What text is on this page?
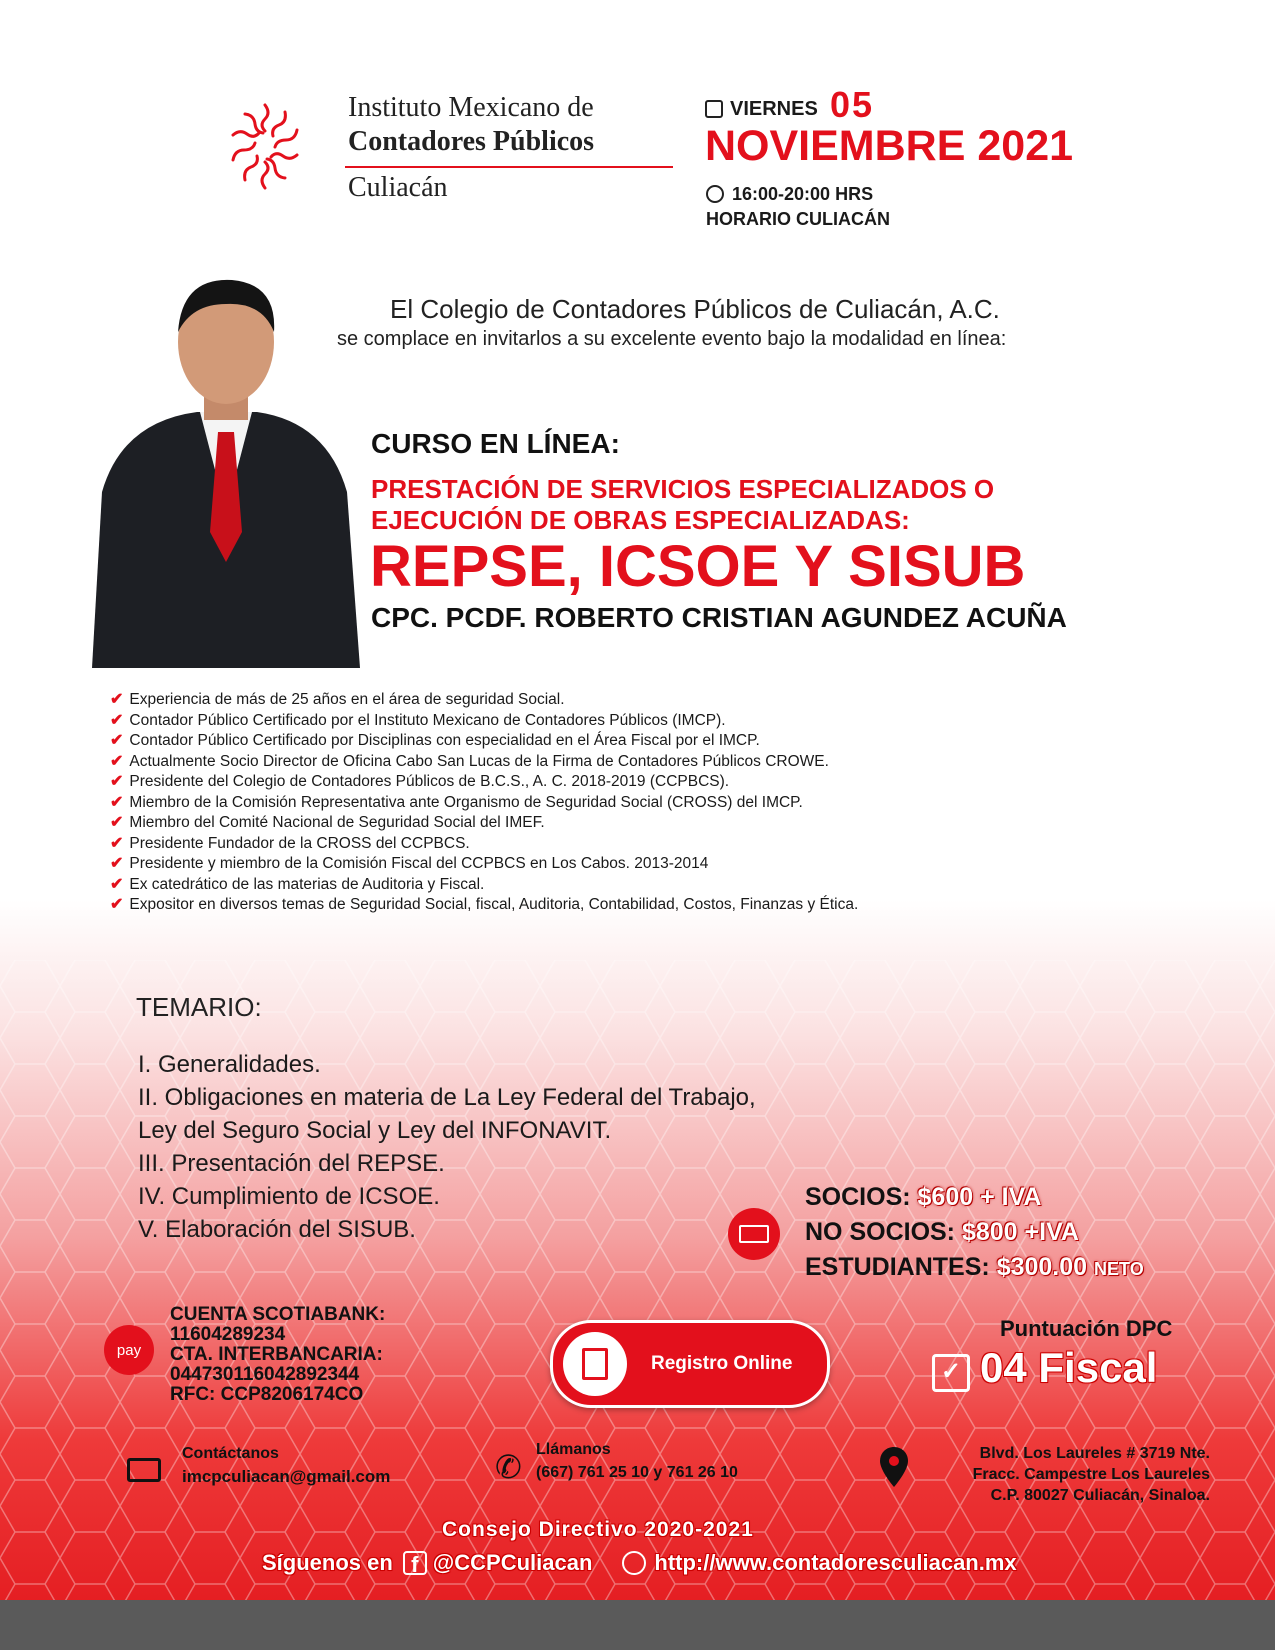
Instituto Mexicano de
Contadores Públicos
Culiacán
VIERNES 05
NOVIEMBRE 2021
16:00-20:00 HRS
HORARIO CULIACÁN
El Colegio de Contadores Públicos de Culiacán, A.C.
se complace en invitarlos a su excelente evento bajo la modalidad en línea:
CURSO EN LÍNEA:
PRESTACIÓN DE SERVICIOS ESPECIALIZADOS O
EJECUCIÓN DE OBRAS ESPECIALIZADAS:
REPSE, ICSOE Y SISUB
CPC. PCDF. ROBERTO CRISTIAN AGUNDEZ ACUÑA
✔ Experiencia de más de 25 años en el área de seguridad Social.
✔ Contador Público Certificado por el Instituto Mexicano de Contadores Públicos (IMCP).
✔ Contador Público Certificado por Disciplinas con especialidad en el Área Fiscal por el IMCP.
✔ Actualmente Socio Director de Oficina Cabo San Lucas de la Firma de Contadores Públicos CROWE.
✔ Presidente del Colegio de Contadores Públicos de B.C.S., A. C. 2018-2019 (CCPBCS).
✔ Miembro de la Comisión Representativa ante Organismo de Seguridad Social (CROSS) del IMCP.
✔ Miembro del Comité Nacional de Seguridad Social del IMEF.
✔ Presidente Fundador de la CROSS del CCPBCS.
✔ Presidente y miembro de la Comisión Fiscal del CCPBCS en Los Cabos. 2013-2014
✔ Ex catedrático de las materias de Auditoria y Fiscal.
✔ Expositor en diversos temas de Seguridad Social, fiscal, Auditoria, Contabilidad, Costos, Finanzas y Ética.
TEMARIO:
I. Generalidades.
II. Obligaciones en materia de La Ley Federal del Trabajo,
Ley del Seguro Social y Ley del INFONAVIT.
III. Presentación del REPSE.
IV. Cumplimiento de ICSOE.
V. Elaboración del SISUB.
SOCIOS: $600 + IVA
NO SOCIOS: $800 +IVA
ESTUDIANTES: $300.00 NETO
pay
CUENTA SCOTIABANK:
11604289234
CTA. INTERBANCARIA:
044730116042892344
RFC: CCP8206174CO
Registro Online
Puntuación DPC
✓ 04 Fiscal
Contáctanos
imcpculiacan@gmail.com	✆ Llámanos
(667) 761 25 10 y 761 26 10
Blvd. Los Laureles # 3719 Nte.
Fracc. Campestre Los Laureles
C.P. 80027 Culiacán, Sinaloa.
Consejo Directivo 2020-2021
Síguenos en f @CCPCuliacan	http://www.contadoresculiacan.mx
